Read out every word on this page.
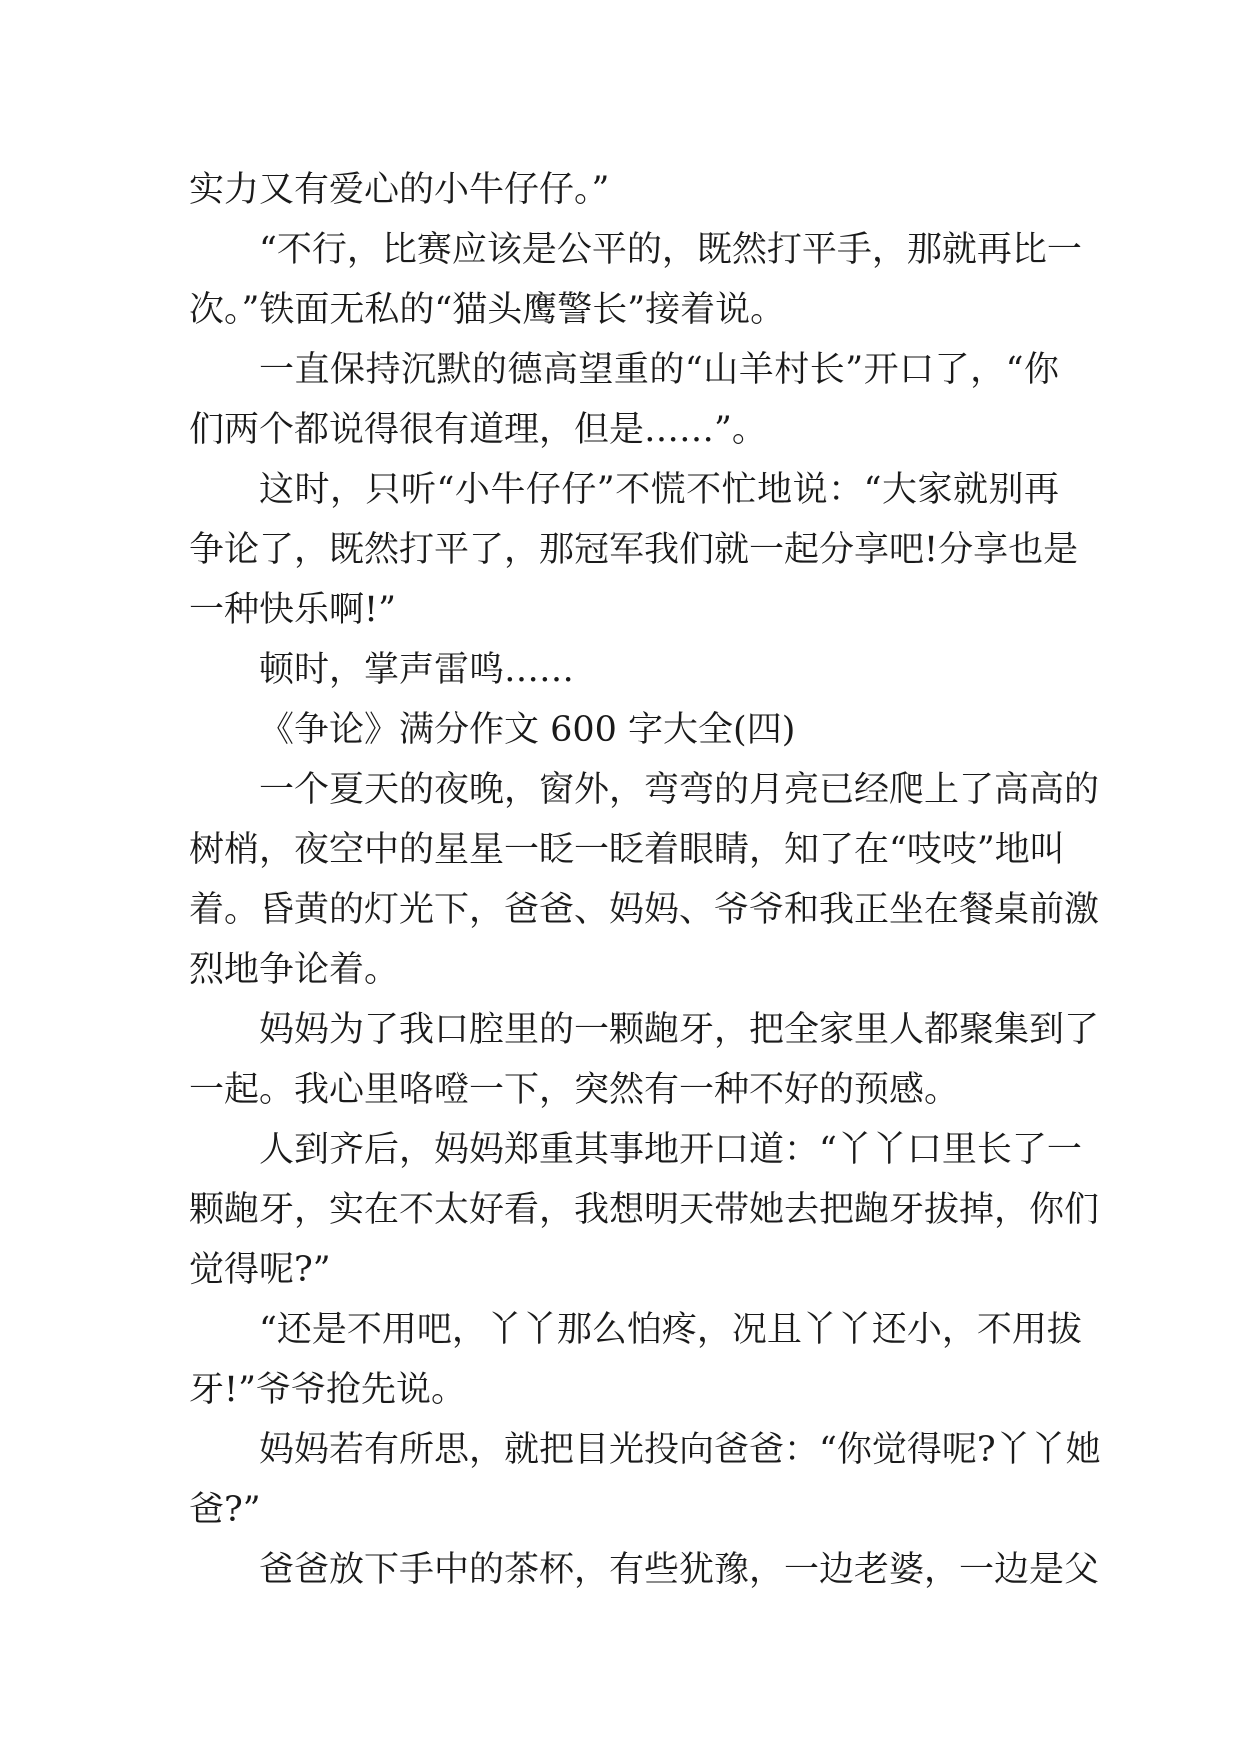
实力又有爱心的小牛仔仔。”
“不行，比赛应该是公平的，既然打平手，那就再比一
次。”铁面无私的“猫头鹰警长”接着说。
一直保持沉默的德高望重的“山羊村长”开口了，“你
们两个都说得很有道理，但是……”。
这时，只听“小牛仔仔”不慌不忙地说：“大家就别再
争论了，既然打平了，那冠军我们就一起分享吧!分享也是
一种快乐啊!”
顿时，掌声雷鸣……
《争论》满分作文 600 字大全(四)
一个夏天的夜晚，窗外，弯弯的月亮已经爬上了高高的
树梢，夜空中的星星一眨一眨着眼睛，知了在“吱吱”地叫
着。昏黄的灯光下，爸爸、妈妈、爷爷和我正坐在餐桌前激
烈地争论着。
妈妈为了我口腔里的一颗龅牙，把全家里人都聚集到了
一起。我心里咯噔一下，突然有一种不好的预感。
人到齐后，妈妈郑重其事地开口道：“丫丫口里长了一
颗龅牙，实在不太好看，我想明天带她去把龅牙拔掉，你们
觉得呢?”
“还是不用吧，丫丫那么怕疼，况且丫丫还小，不用拔
牙!”爷爷抢先说。
妈妈若有所思，就把目光投向爸爸：“你觉得呢?丫丫她
爸?”
爸爸放下手中的茶杯，有些犹豫，一边老婆，一边是父
